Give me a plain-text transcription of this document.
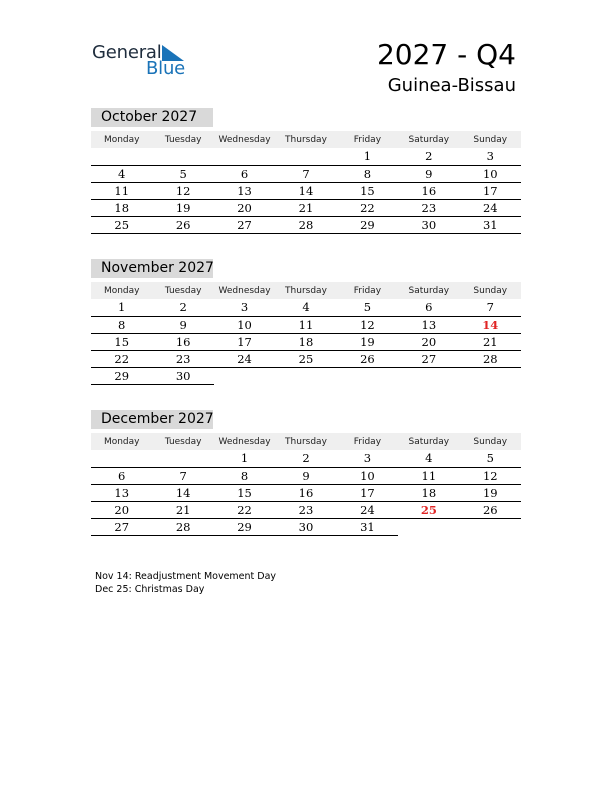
General
Blue	2027 - Q4
Guinea-Bissau
October 2027
Monday	Tuesday	Wednesday	Thursday	Friday	Saturday	Sunday
				1	2	3
4	5	6	7	8	9	10
11	12	13	14	15	16	17
18	19	20	21	22	23	24
25	26	27	28	29	30	31
November 2027
Monday	Tuesday	Wednesday	Thursday	Friday	Saturday	Sunday
1	2	3	4	5	6	7
8	9	10	11	12	13	14
15	16	17	18	19	20	21
22	23	24	25	26	27	28
29	30					
December 2027
Monday	Tuesday	Wednesday	Thursday	Friday	Saturday	Sunday
		1	2	3	4	5
6	7	8	9	10	11	12
13	14	15	16	17	18	19
20	21	22	23	24	25	26
27	28	29	30	31		
Nov 14: Readjustment Movement Day
Dec 25: Christmas Day
